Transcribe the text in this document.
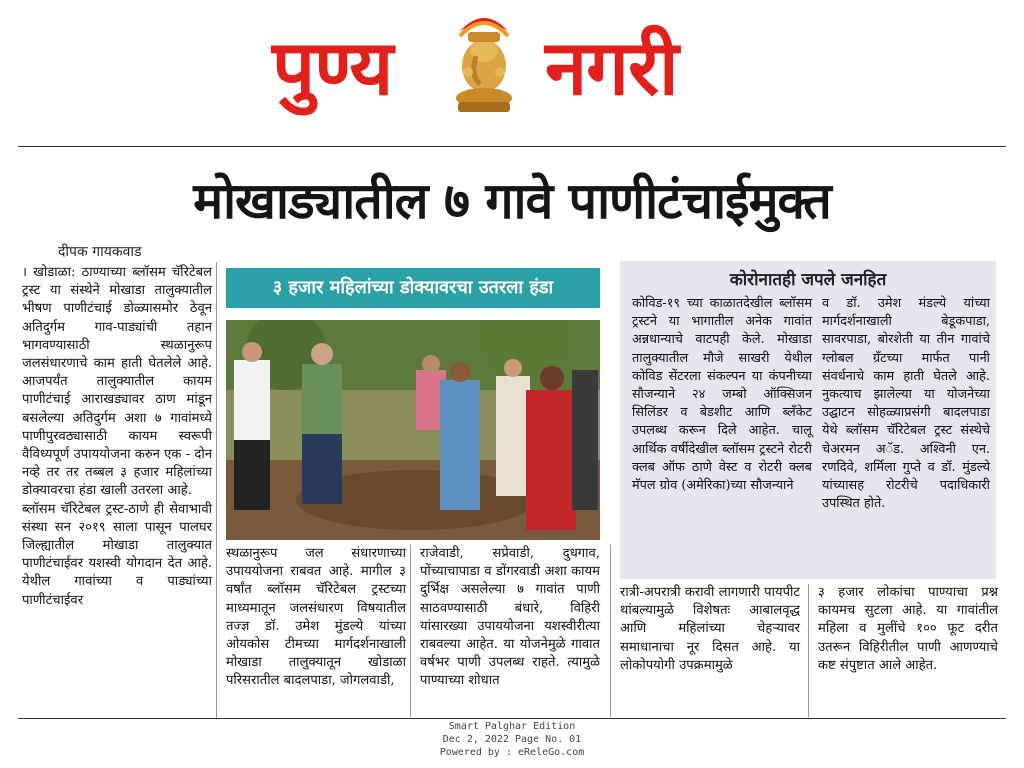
पुण्य नगरी
मोखाड्यातील ७ गावे पाणीटंचाईमुक्त
दीपक गायकवाड

। खोडाळा: ठाण्याच्या ब्लॉसम चॅरिटेबल ट्रस्ट या संस्थेने मोखाडा तालुक्यातील भीषण पाणीटंचाई डोळ्यासमोर ठेवून अतिदुर्गम गाव-पाड्यांची तहान भागवण्यासाठी स्थळानुरूप जलसंधारणाचे काम हाती घेतलेले आहे. आजपर्यंत तालुक्यातील कायम पाणीटंचाई आराखड्यावर ठाण मांडून बसलेल्या अतिदुर्गम अशा ७ गावांमध्ये पाणीपुरवठ्यासाठी कायम स्वरूपी वैविध्यपूर्ण उपाययोजना करुन एक - दोन नव्हे तर तर तब्बल ३ हजार महिलांच्या डोक्यावरचा हंडा खाली उतरला आहे.

ब्लॉसम चॅरिटेबल ट्रस्ट-ठाणे ही सेवाभावी संस्था सन २०१९ साला पासून पालघर जिल्ह्यातील मोखाडा तालुक्यात पाणीटंचाईवर यशस्वी योगदान देत आहे. येथील गावांच्या व पाड्यांच्या पाणीटंचाईवर

३ हजार महिलांच्या डोक्यावरचा उतरला हंडा	कोरोनातही जपले जनहित

कोविड-१९ च्या काळातदेखील ब्लॉसम ट्रस्टने या भागातील अनेक गावांत अन्नधान्याचे वाटपही केले. मोखाडा तालुक्यातील मौजे साखरी येथील कोविड सेंटरला संकल्पन या कंपनीच्या सौजन्याने २४ जम्बो ऑक्सिजन सिलिंडर व बेडशीट आणि ब्लॅंकेट उपलब्ध करून दिले आहेत. चालू आर्थिक वर्षीदेखील ब्लॉसम ट्रस्टने रोटरी क्लब ऑफ ठाणे वेस्ट व रोटरी क्लब मॅपल ग्रोव (अमेरिका)च्या सौजन्याने

व डॉ. उमेश मंडल्ये यांच्या मार्गदर्शनाखाली बेडूकपाडा, सावरपाडा, बोरशेती या तीन गावांचे ग्लोबल ग्रँटच्या मार्फत पानी संवर्धनाचे काम हाती घेतले आहे. नुकत्याच झालेल्या या योजनेच्या उद्घाटन सोहळ्याप्रसंगी बादलपाडा येथे ब्लॉसम चॅरिटेबल ट्रस्ट संस्थेचे चेअरमन अॅड. अश्विनी एन. रणदिवे, शर्मिला गुप्ते व डॉ. मुंडल्ये यांच्यासह रोटरीचे पदाधिकारी उपस्थित होते.

स्थळानुरूप जल संधारणाच्या उपाययोजना राबवत आहे. मागील ३ वर्षांत ब्लॉसम चॅरिटेबल ट्रस्टच्या माध्यमातून जलसंधारण विषयातील तज्ज्ञ डॉ. उमेश मुंडल्ये यांच्या ओयकोस टीमच्या मार्गदर्शनाखाली मोखाडा तालुक्यातून खोडाळा परिसरातील बादलपाडा, जोगलवाडी,

राजेवाडी, सप्रेवाडी, दुधगाव, पोंच्याचापाडा व डोंगरवाडी अशा कायम दुर्भिक्ष असलेल्या ७ गावांत पाणी साठवण्यासाठी बंधारे, विहिरी यांसारख्या उपाययोजना यशस्वीरीत्या राबवल्या आहेत. या योजनेमुळे गावात वर्षभर पाणी उपलब्ध राहते. त्यामुळे पाण्याच्या शोधात

रात्री-अपरात्री करावी लागणारी पायपीट थांबल्यामुळे विशेषतः आबालवृद्ध आणि महिलांच्या चेहऱ्यावर समाधानाचा नूर दिसत आहे. या लोकोपयोगी उपक्रमामुळे

३ हजार लोकांचा पाण्याचा प्रश्न कायमच सुटला आहे. या गावांतील महिला व मुलींचे १०० फूट दरीत उतरून विहिरीतील पाणी आणण्याचे कष्ट संपुष्टात आले आहेत.

Smart Palghar Edition
Dec 2, 2022 Page No. 01
Powered by : eReleGo.com
